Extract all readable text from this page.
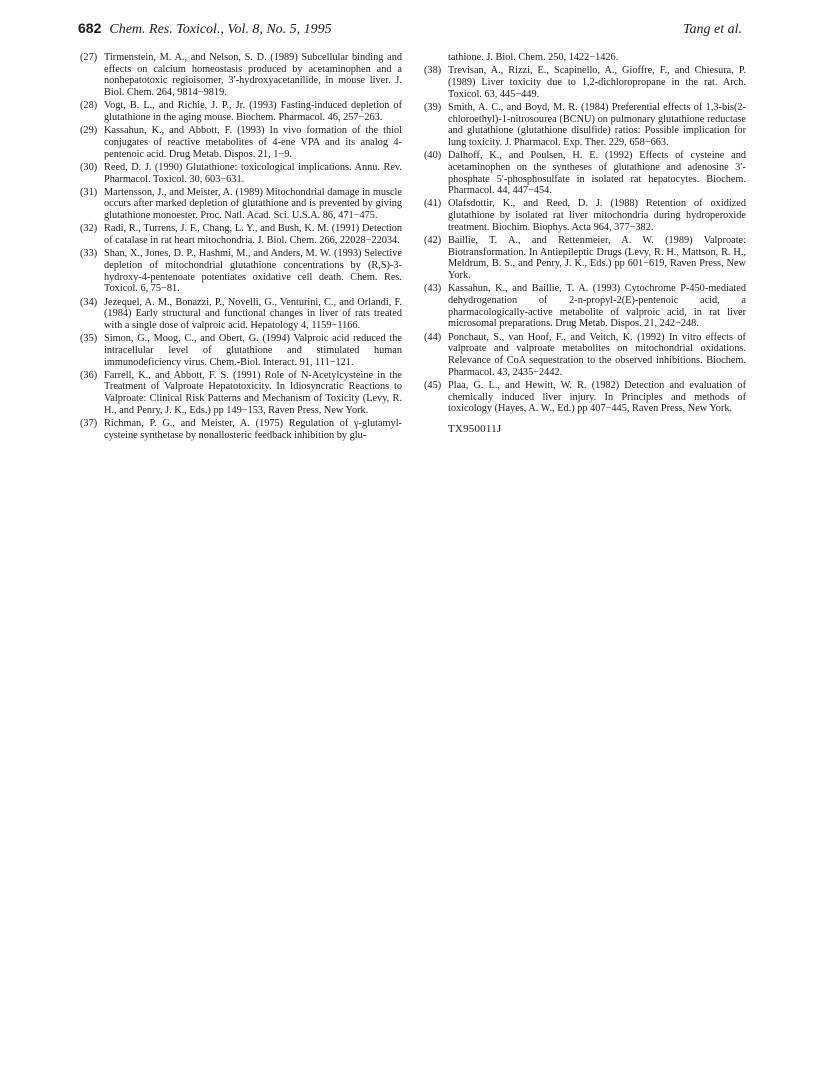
682 Chem. Res. Toxicol., Vol. 8, No. 5, 1995	Tang et al.
(27) Tirmenstein, M. A., and Nelson, S. D. (1989) Subcellular binding and effects on calcium homeostasis produced by acetaminophen and a nonhepatotoxic regioisomer, 3′-hydroxyacetanilide, in mouse liver. J. Biol. Chem. 264, 9814−9819.
(28) Vogt, B. L., and Richie, J. P., Jr. (1993) Fasting-induced depletion of glutathione in the aging mouse. Biochem. Pharmacol. 46, 257−263.
(29) Kassahun, K., and Abbott, F. (1993) In vivo formation of the thiol conjugates of reactive metabolites of 4-ene VPA and its analog 4-pentenoic acid. Drug Metab. Dispos. 21, 1−9.
(30) Reed, D. J. (1990) Glutathione: toxicological implications. Annu. Rev. Pharmacol. Toxicol. 30, 603−631.
(31) Martensson, J., and Meister, A. (1989) Mitochondrial damage in muscle occurs after marked depletion of glutathione and is prevented by giving glutathione monoester. Proc. Natl. Acad. Sci. U.S.A. 86, 471−475.
(32) Radi, R., Turrens, J. F., Chang, L. Y., and Bush, K. M. (1991) Detection of catalase in rat heart mitochondria. J. Biol. Chem. 266, 22028−22034.
(33) Shan, X., Jones, D. P., Hashmi, M., and Anders, M. W. (1993) Selective depletion of mitochondrial glutathione concentrations by (R,S)-3-hydroxy-4-pentenoate potentiates oxidative cell death. Chem. Res. Toxicol. 6, 75−81.
(34) Jezequel, A. M., Bonazzi, P., Novelli, G., Venturini, C., and Orlandi, F. (1984) Early structural and functional changes in liver of rats treated with a single dose of valproic acid. Hepatology 4, 1159−1166.
(35) Simon, G., Moog, C., and Obert, G. (1994) Valproic acid reduced the intracellular level of glutathione and stimulated human immunodeficiency virus. Chem.-Biol. Interact. 91, 111−121.
(36) Farrell, K., and Abbott, F. S. (1991) Role of N-Acetylcysteine in the Treatment of Valproate Hepatotoxicity. In Idiosyncratic Reactions to Valproate: Clinical Risk Patterns and Mechanism of Toxicity (Levy, R. H., and Penry, J. K., Eds.) pp 149−153, Raven Press, New York.
(37) Richman, P. G., and Meister, A. (1975) Regulation of γ-glutamyl-cysteine synthetase by nonallosteric feedback inhibition by glu-
tathione. J. Biol. Chem. 250, 1422−1426.
(38) Trevisan, A., Rizzi, E., Scapinello, A., Gioffre, F., and Chiesura, P. (1989) Liver toxicity due to 1,2-dichloropropane in the rat. Arch. Toxicol. 63, 445−449.
(39) Smith, A. C., and Boyd, M. R. (1984) Preferential effects of 1,3-bis(2-chloroethyl)-1-nitrosourea (BCNU) on pulmonary glutathione reductase and glutathione (glutathione disulfide) ratios: Possible implication for lung toxicity. J. Pharmacol. Exp. Ther. 229, 658−663.
(40) Dalhoff, K., and Poulsen, H. E. (1992) Effects of cysteine and acetaminophen on the syntheses of glutathione and adenosine 3′-phosphate 5′-phosphosulfate in isolated rat hepatocytes. Biochem. Pharmacol. 44, 447−454.
(41) Olafsdottir, K., and Reed, D. J. (1988) Retention of oxidized glutathione by isolated rat liver mitochondria during hydroperoxide treatment. Biochim. Biophys. Acta 964, 377−382.
(42) Baillie, T. A., and Rettenmeier, A. W. (1989) Valproate: Biotransformation. In Antiepileptic Drugs (Levy, R. H., Mattson, R. H., Meldrum, B. S., and Penry, J. K., Eds.) pp 601−619, Raven Press, New York.
(43) Kassahun, K., and Baillie, T. A. (1993) Cytochrome P-450-mediated dehydrogenation of 2-n-propyl-2(E)-pentenoic acid, a pharmacologically-active metabolite of valproic acid, in rat liver microsomal preparations. Drug Metab. Dispos. 21, 242−248.
(44) Ponchaut, S., van Hoof, F., and Veitch, K. (1992) In vitro effects of valproate and valproate metabolites on mitochondrial oxidations. Relevance of CoA sequestration to the observed inhibitions. Biochem. Pharmacol. 43, 2435−2442.
(45) Plaa, G. L., and Hewitt, W. R. (1982) Detection and evaluation of chemically induced liver injury. In Principles and methods of toxicology (Hayes, A. W., Ed.) pp 407−445, Raven Press, New York.
TX950011J
